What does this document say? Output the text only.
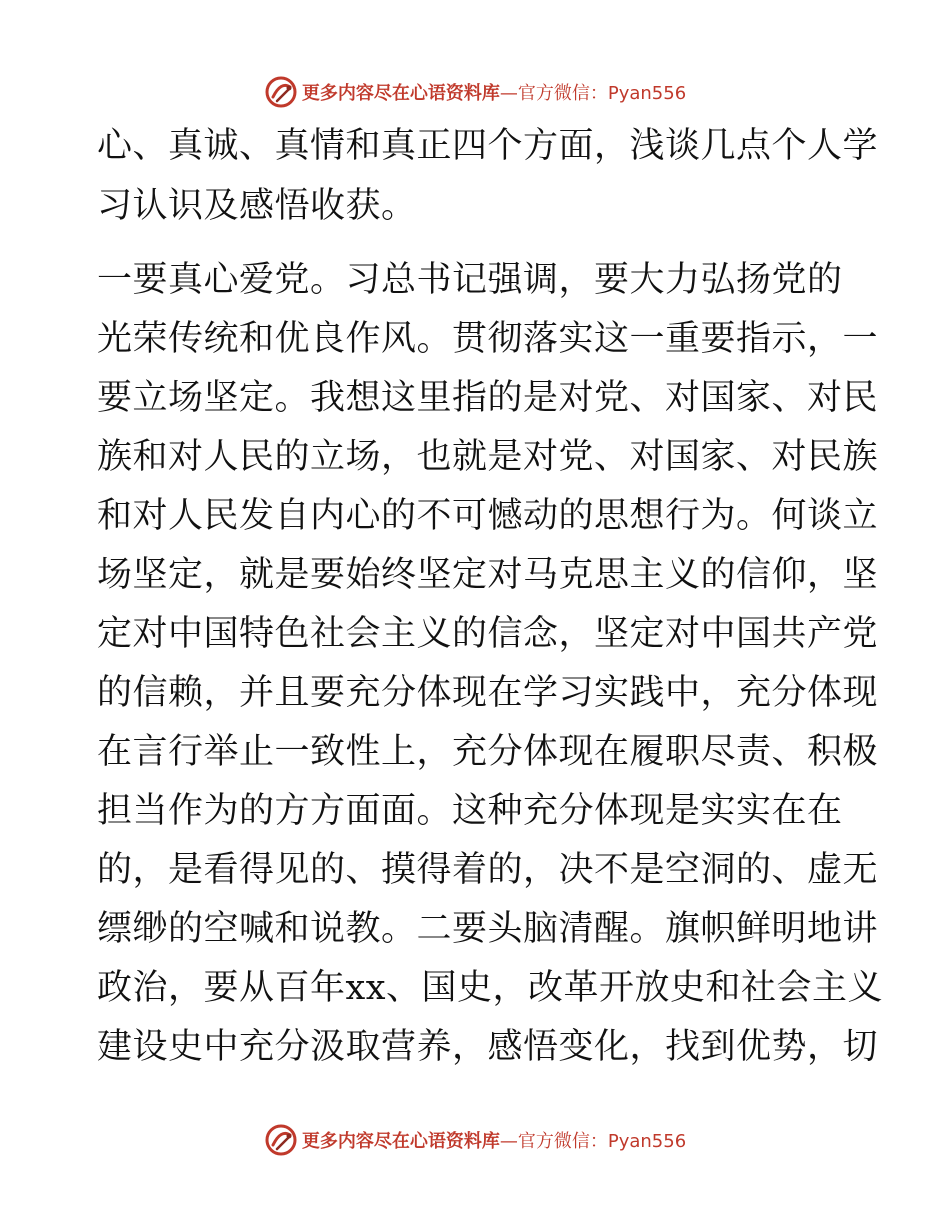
更多内容尽在心语资料库—官方微信：Pyan556
心、真诚、真情和真正四个方面，浅谈几点个人学
习认识及感悟收获。
一要真心爱党。习总书记强调，要大力弘扬党的
光荣传统和优良作风。贯彻落实这一重要指示，一
要立场坚定。我想这里指的是对党、对国家、对民
族和对人民的立场，也就是对党、对国家、对民族
和对人民发自内心的不可憾动的思想行为。何谈立
场坚定，就是要始终坚定对马克思主义的信仰，坚
定对中国特色社会主义的信念，坚定对中国共产党
的信赖，并且要充分体现在学习实践中，充分体现
在言行举止一致性上，充分体现在履职尽责、积极
担当作为的方方面面。这种充分体现是实实在在
的，是看得见的、摸得着的，决不是空洞的、虚无
缥缈的空喊和说教。二要头脑清醒。旗帜鲜明地讲
政治，要从百年xx、国史，改革开放史和社会主义
建设史中充分汲取营养，感悟变化，找到优势，切
更多内容尽在心语资料库—官方微信：Pyan556
